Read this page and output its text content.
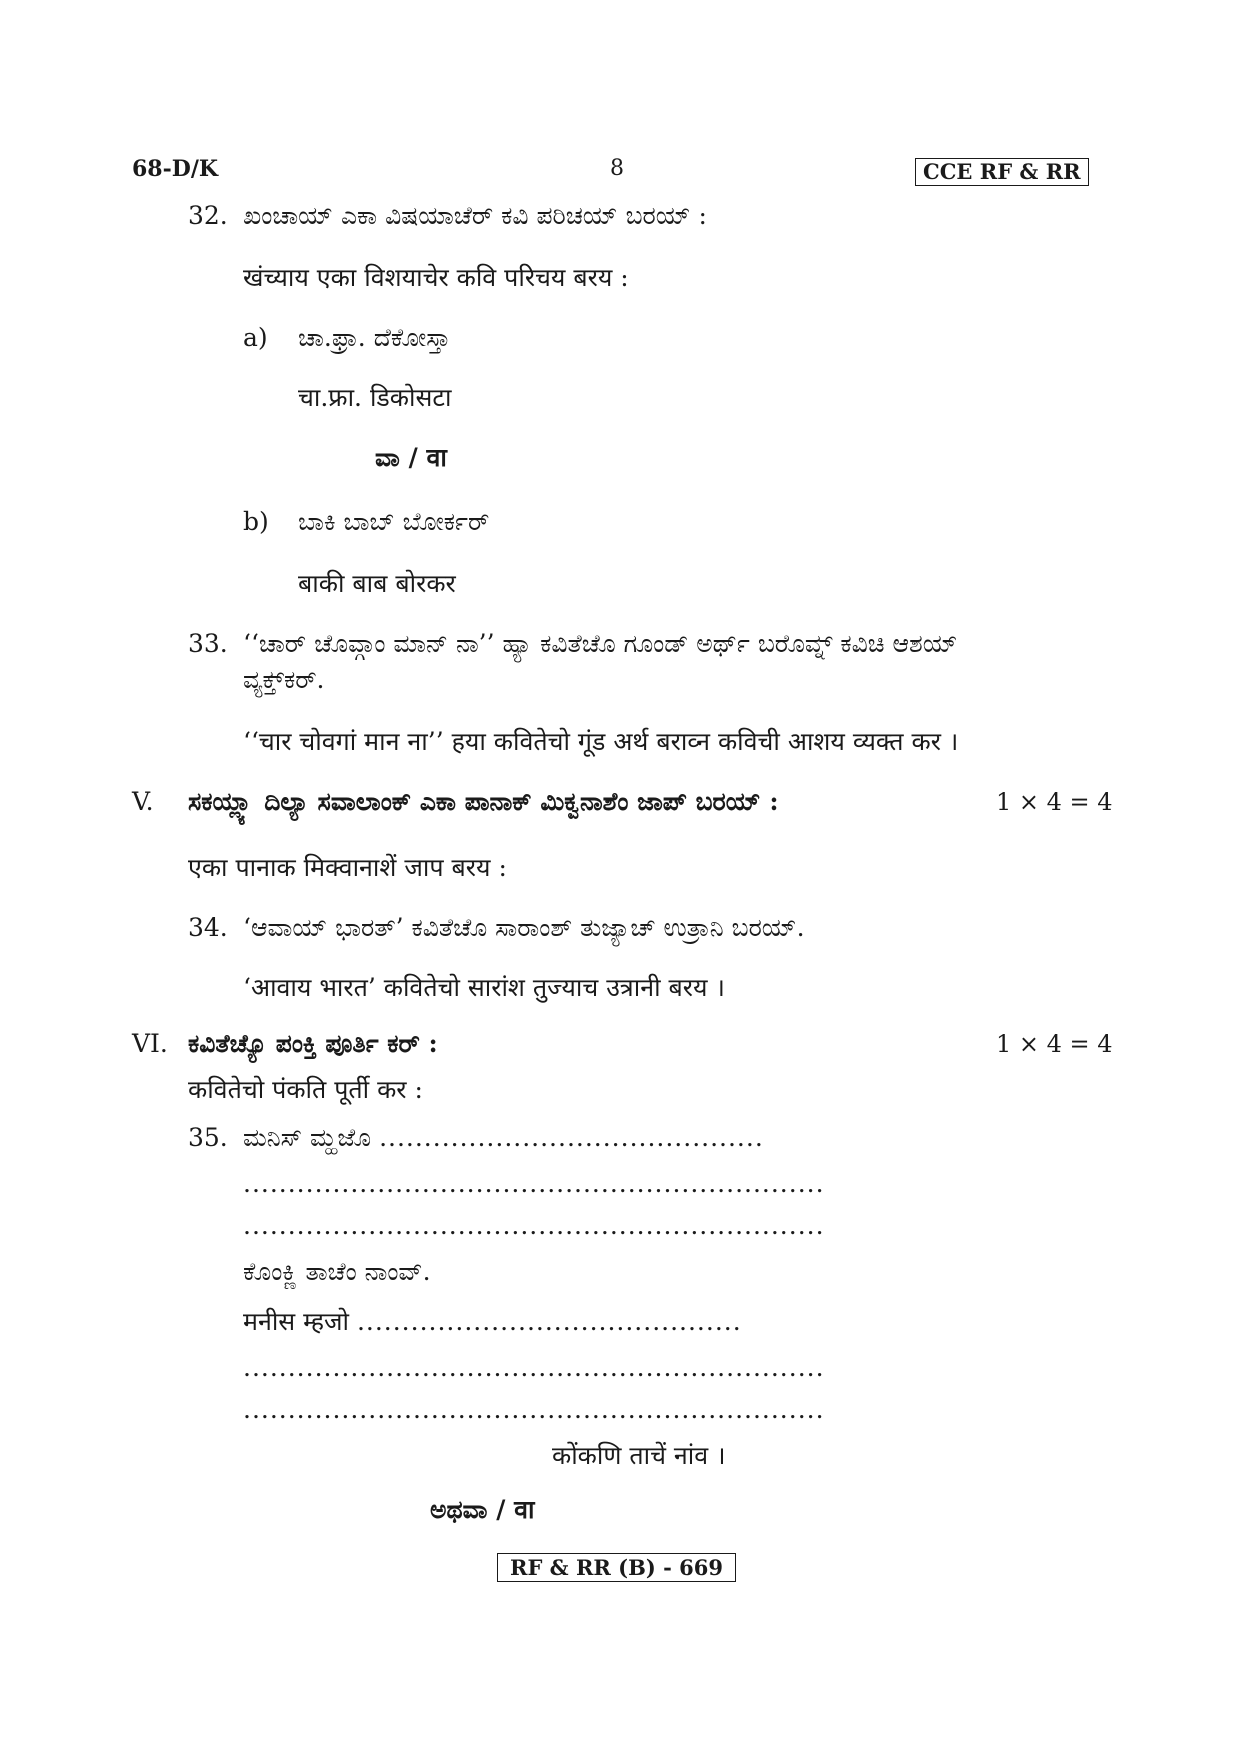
68-D/K	8	CCE RF & RR
32. ಖಂಚಾಯ್ ಎಕಾ ವಿಷಯಾಚೆರ್ ಕವಿ ಪರಿಚಯ್ ಬರಯ್ :
खंच्याय एका विशयाचेर कवि परिचय बरय :
a) ಚಾ.ಫ್ರಾ. ದೆಕೋಸ್ತಾ
चा.फ्रा. डिकोसटा
ವಾ / वा
b) ಬಾಕಿ ಬಾಬ್ ಬೋರ್ಕರ್
बाकी बाब बोरकर
33. ‘‘ಚಾರ್ ಚೊವ್ಗಾಂ ಮಾನ್ ನಾ’’ ಹ್ಯಾ ಕವಿತೆಚೊ ಗೂಂಡ್ ಅರ್ಥ್ ಬರೊವ್ನ್ ಕವಿಚಿ ಆಶಯ್
ವ್ಯಕ್ತ್‌ಕರ್.
‘‘चार चोवगां मान ना’’ हया कवितेचो गूंड अर्थ बराव्न कविची आशय व्यक्त कर ।
V. ಸಕಯ್ಲ್ಯಾ ದಿಲ್ಯಾ ಸವಾಲಾಂಕ್ ಎಕಾ ಪಾನಾಕ್ ಮಿಕ್ವನಾಶೆಂ ಜಾಪ್ ಬರಯ್ :	1 × 4 = 4
एका पानाक मिक्वानाशें जाप बरय :
34. ‘ಆವಾಯ್ ಭಾರತ್’ ಕವಿತೆಚೊ ಸಾರಾಂಶ್ ತುಜ್ಯಾಚ್ ಉತ್ರಾನಿ ಬರಯ್.
‘आवाय भारत’ कवितेचो सारांश तुज्याच उत्रानी बरय ।
VI. ಕವಿತೆಚ್ಯೊ ಪಂಕ್ತಿ ಪೂರ್ತಿ ಕರ್ :	1 × 4 = 4
कवितेचो पंकति पूर्ती कर :
35. ಮನಿಸ್ ಮ್ಹಜೊ ...........................................
.................................................................
.................................................................
ಕೊಂಕ್ಣಿ ತಾಚೆಂ ನಾಂವ್.
मनीस म्हजो ...........................................
.................................................................
.................................................................
कोंकणि ताचें नांव ।
ಅಥವಾ / वा
RF & RR (B) - 669
